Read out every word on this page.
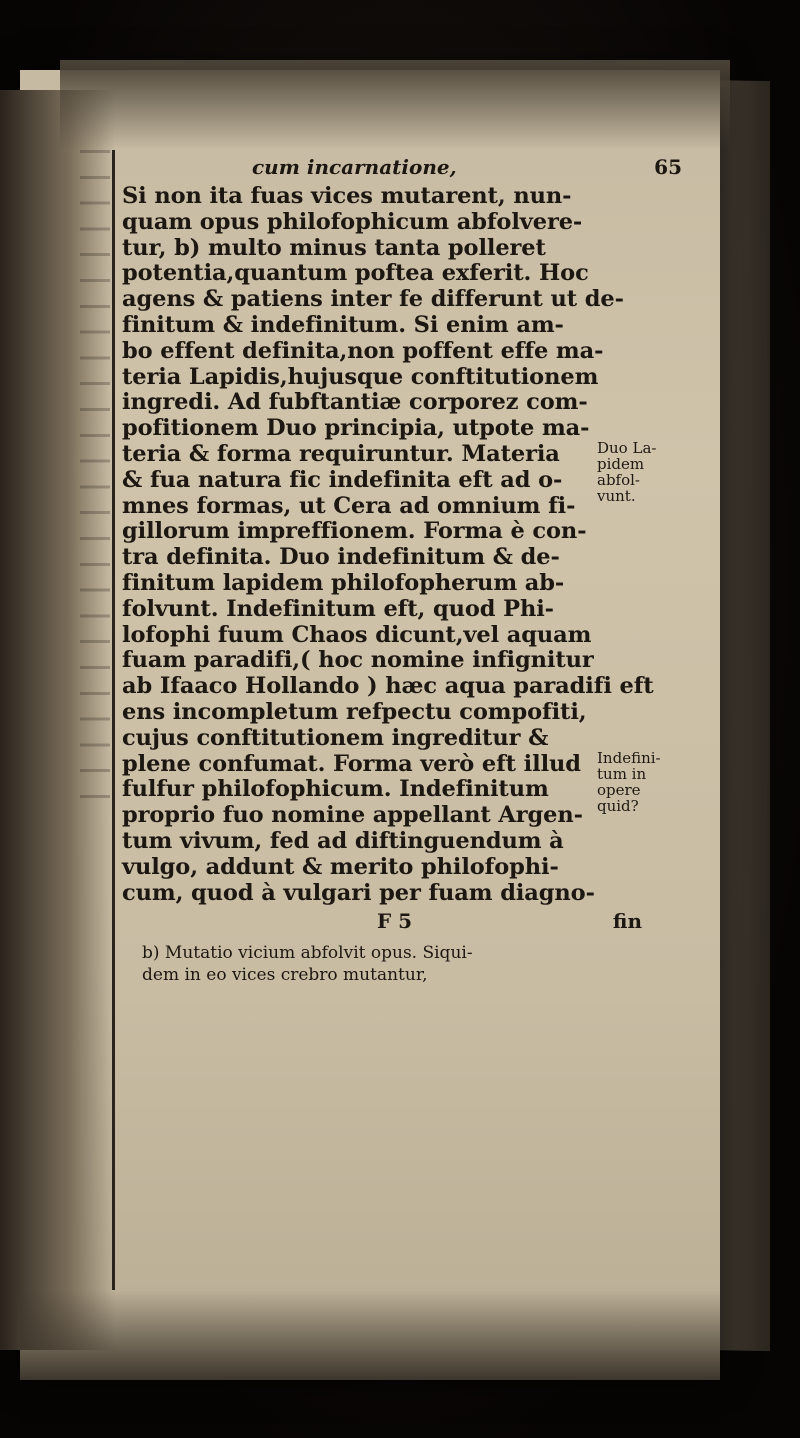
cum incarnatione,	65
Si non ita fuas vices mutarent, nun-
quam opus philofophicum abfolvere-
tur, b) multo minus tanta polleret
potentia,quantum poftea exferit. Hoc
agens & patiens inter fe differunt ut de-
finitum & indefinitum. Si enim am-
bo effent definita,non poffent effe ma-
teria Lapidis,hujusque conftitutionem
ingredi. Ad fubftantiæ corporez com-
pofitionem Duo principia, utpote ma-
teria & forma requiruntur. Materia
& fua natura fic indefinita eft ad o-
mnes formas, ut Cera ad omnium fi-
gillorum impreffionem. Forma è con-
tra definita. Duo indefinitum & de-
finitum lapidem philofopherum ab-
folvunt. Indefinitum eft, quod Phi-
lofophi fuum Chaos dicunt,vel aquam
fuam paradifi,( hoc nomine infignitur
ab Ifaaco Hollando ) hæc aqua paradifi eft
ens incompletum refpectu compofiti,
cujus conftitutionem ingreditur &
plene confumat. Forma verò eft illud
fulfur philofophicum. Indefinitum
proprio fuo nomine appellant Argen-
tum vivum, fed ad diftinguendum à
vulgo, addunt & merito philofophi-
cum, quod à vulgari per fuam diagno-
F 5	fin
b) Mutatio vicium abfolvit opus. Siqui-
dem in eo vices crebro mutantur,
Duo La-
pidem
abfol-
vunt.
Indefini-
tum in
opere
quid?
